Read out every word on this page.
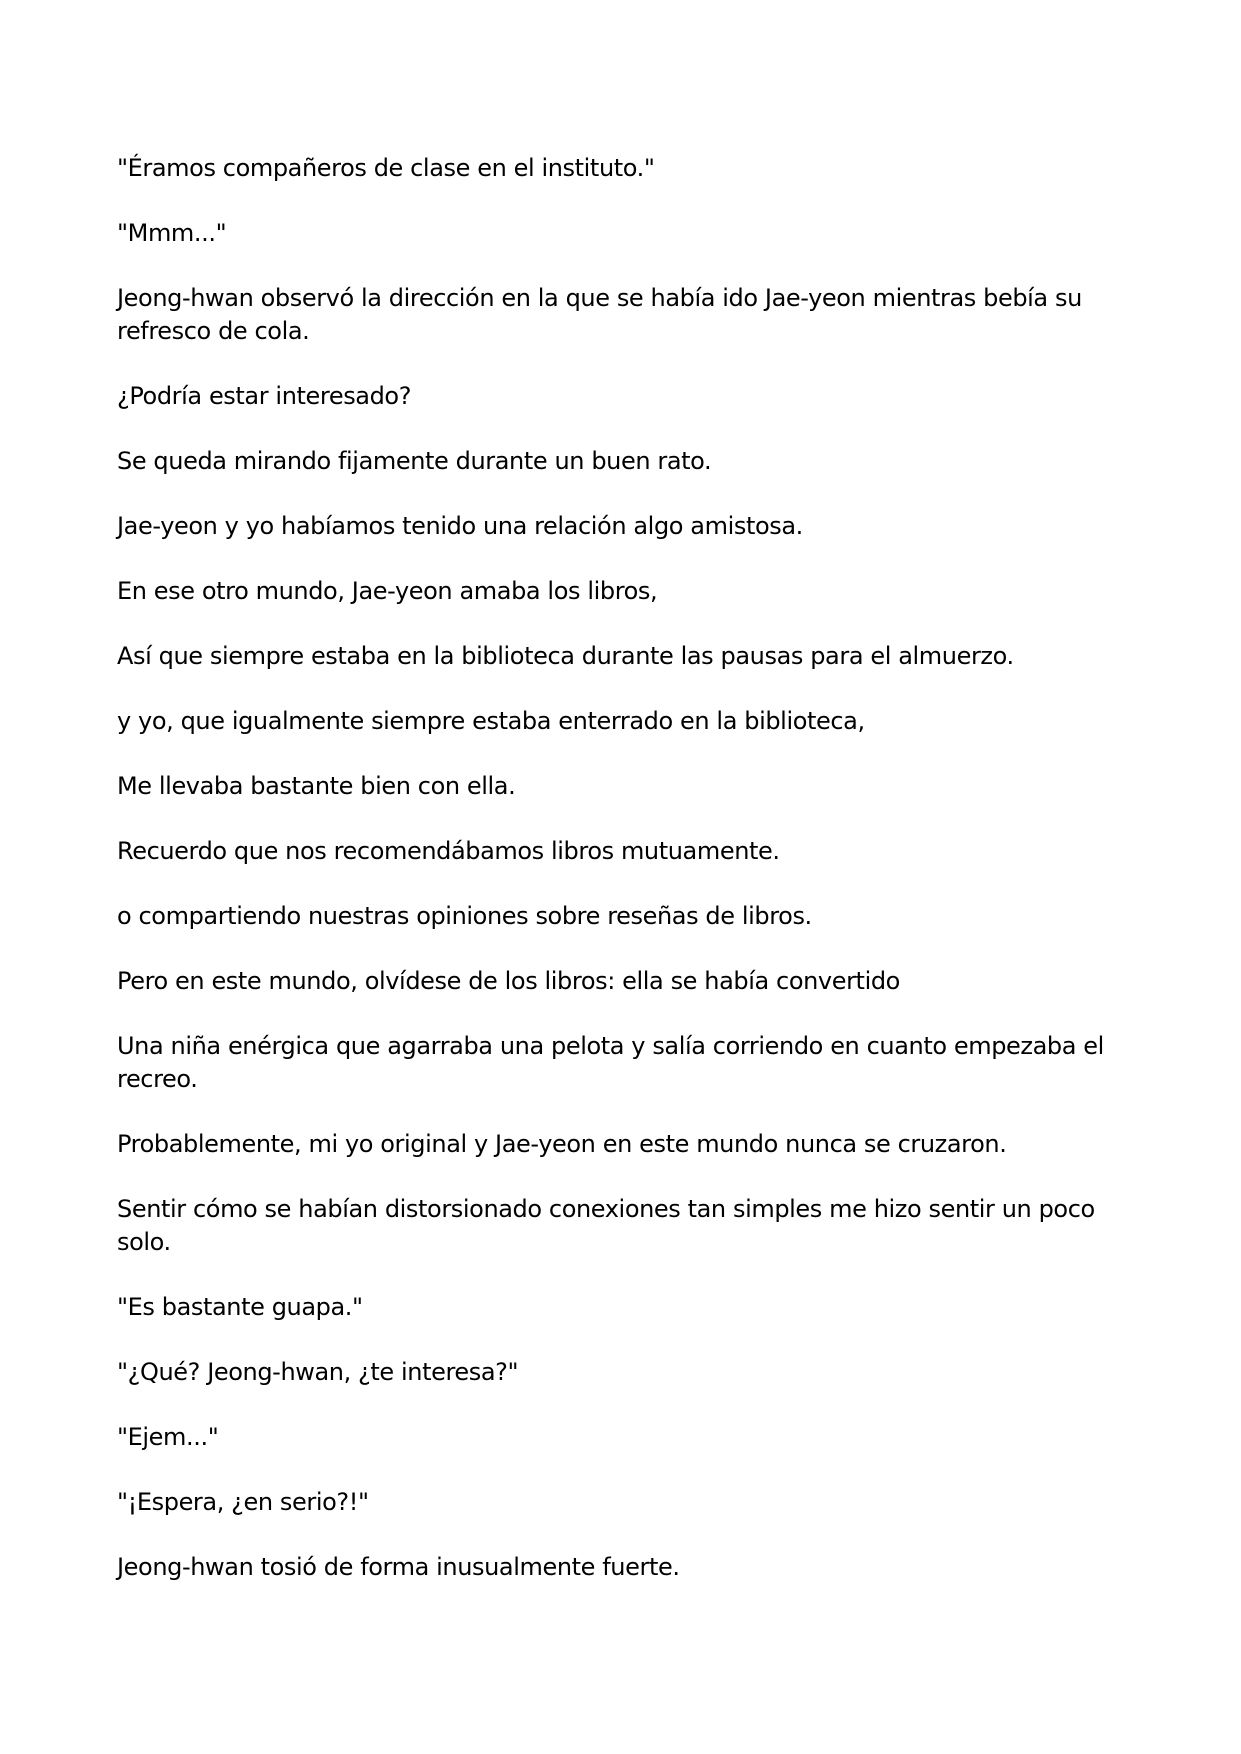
"Éramos compañeros de clase en el instituto."

"Mmm..."

Jeong-hwan observó la dirección en la que se había ido Jae-yeon mientras bebía su refresco de cola.

¿Podría estar interesado?

Se queda mirando fijamente durante un buen rato.

Jae-yeon y yo habíamos tenido una relación algo amistosa.

En ese otro mundo, Jae-yeon amaba los libros,

Así que siempre estaba en la biblioteca durante las pausas para el almuerzo.

y yo, que igualmente siempre estaba enterrado en la biblioteca,

Me llevaba bastante bien con ella.

Recuerdo que nos recomendábamos libros mutuamente.

o compartiendo nuestras opiniones sobre reseñas de libros.

Pero en este mundo, olvídese de los libros: ella se había convertido

Una niña enérgica que agarraba una pelota y salía corriendo en cuanto empezaba el recreo.

Probablemente, mi yo original y Jae-yeon en este mundo nunca se cruzaron.

Sentir cómo se habían distorsionado conexiones tan simples me hizo sentir un poco solo.

"Es bastante guapa."

"¿Qué? Jeong-hwan, ¿te interesa?"

"Ejem..."

"¡Espera, ¿en serio?!"

Jeong-hwan tosió de forma inusualmente fuerte.
